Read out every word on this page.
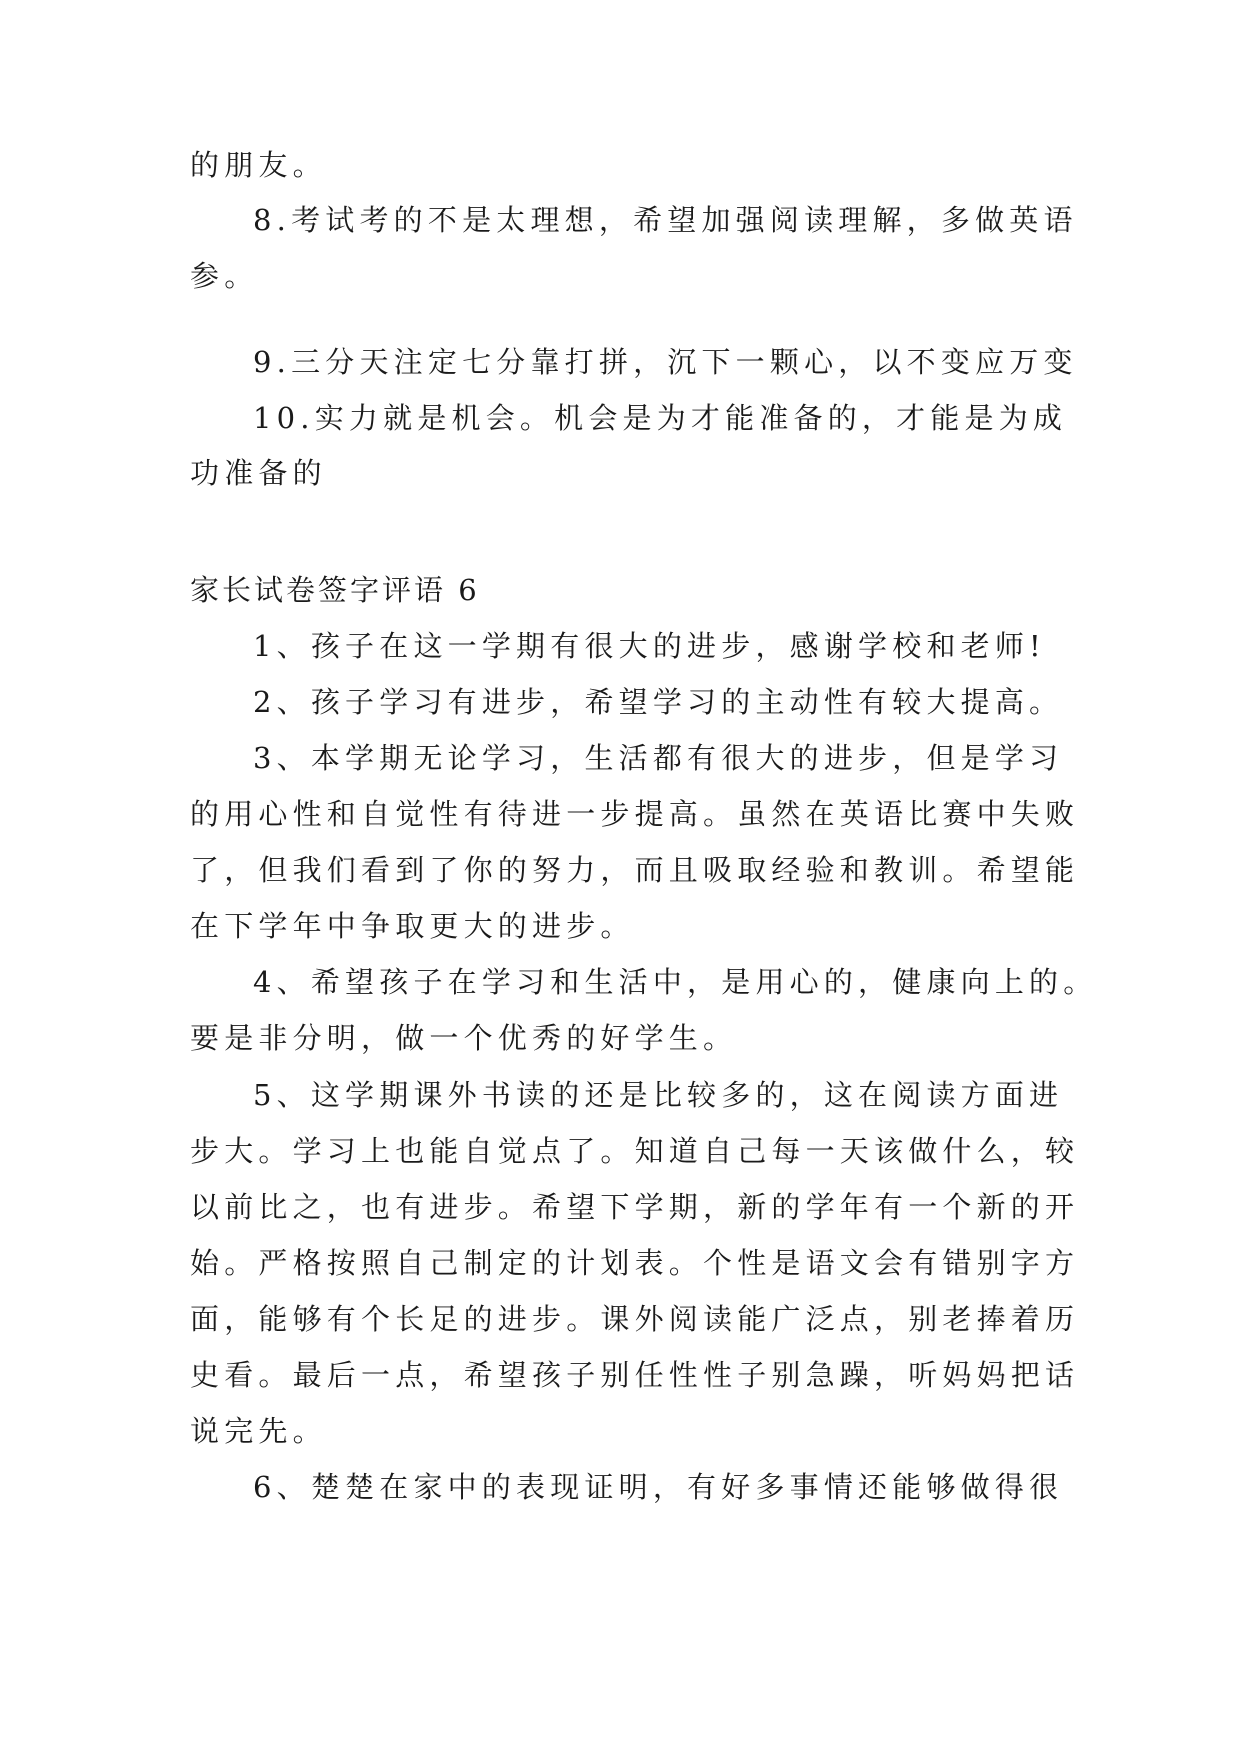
的朋友。
8.考试考的不是太理想，希望加强阅读理解，多做英语
参。
9.三分天注定七分靠打拼，沉下一颗心，以不变应万变
10.实力就是机会。机会是为才能准备的，才能是为成
功准备的
家长试卷签字评语 6
1、孩子在这一学期有很大的进步，感谢学校和老师!
2、孩子学习有进步，希望学习的主动性有较大提高。
3、本学期无论学习，生活都有很大的进步，但是学习
的用心性和自觉性有待进一步提高。虽然在英语比赛中失败
了，但我们看到了你的努力，而且吸取经验和教训。希望能
在下学年中争取更大的进步。
4、希望孩子在学习和生活中，是用心的，健康向上的。
要是非分明，做一个优秀的好学生。
5、这学期课外书读的还是比较多的，这在阅读方面进
步大。学习上也能自觉点了。知道自己每一天该做什么，较
以前比之，也有进步。希望下学期，新的学年有一个新的开
始。严格按照自己制定的计划表。个性是语文会有错别字方
面，能够有个长足的进步。课外阅读能广泛点，别老捧着历
史看。最后一点，希望孩子别任性性子别急躁，听妈妈把话
说完先。
6、楚楚在家中的表现证明，有好多事情还能够做得很
